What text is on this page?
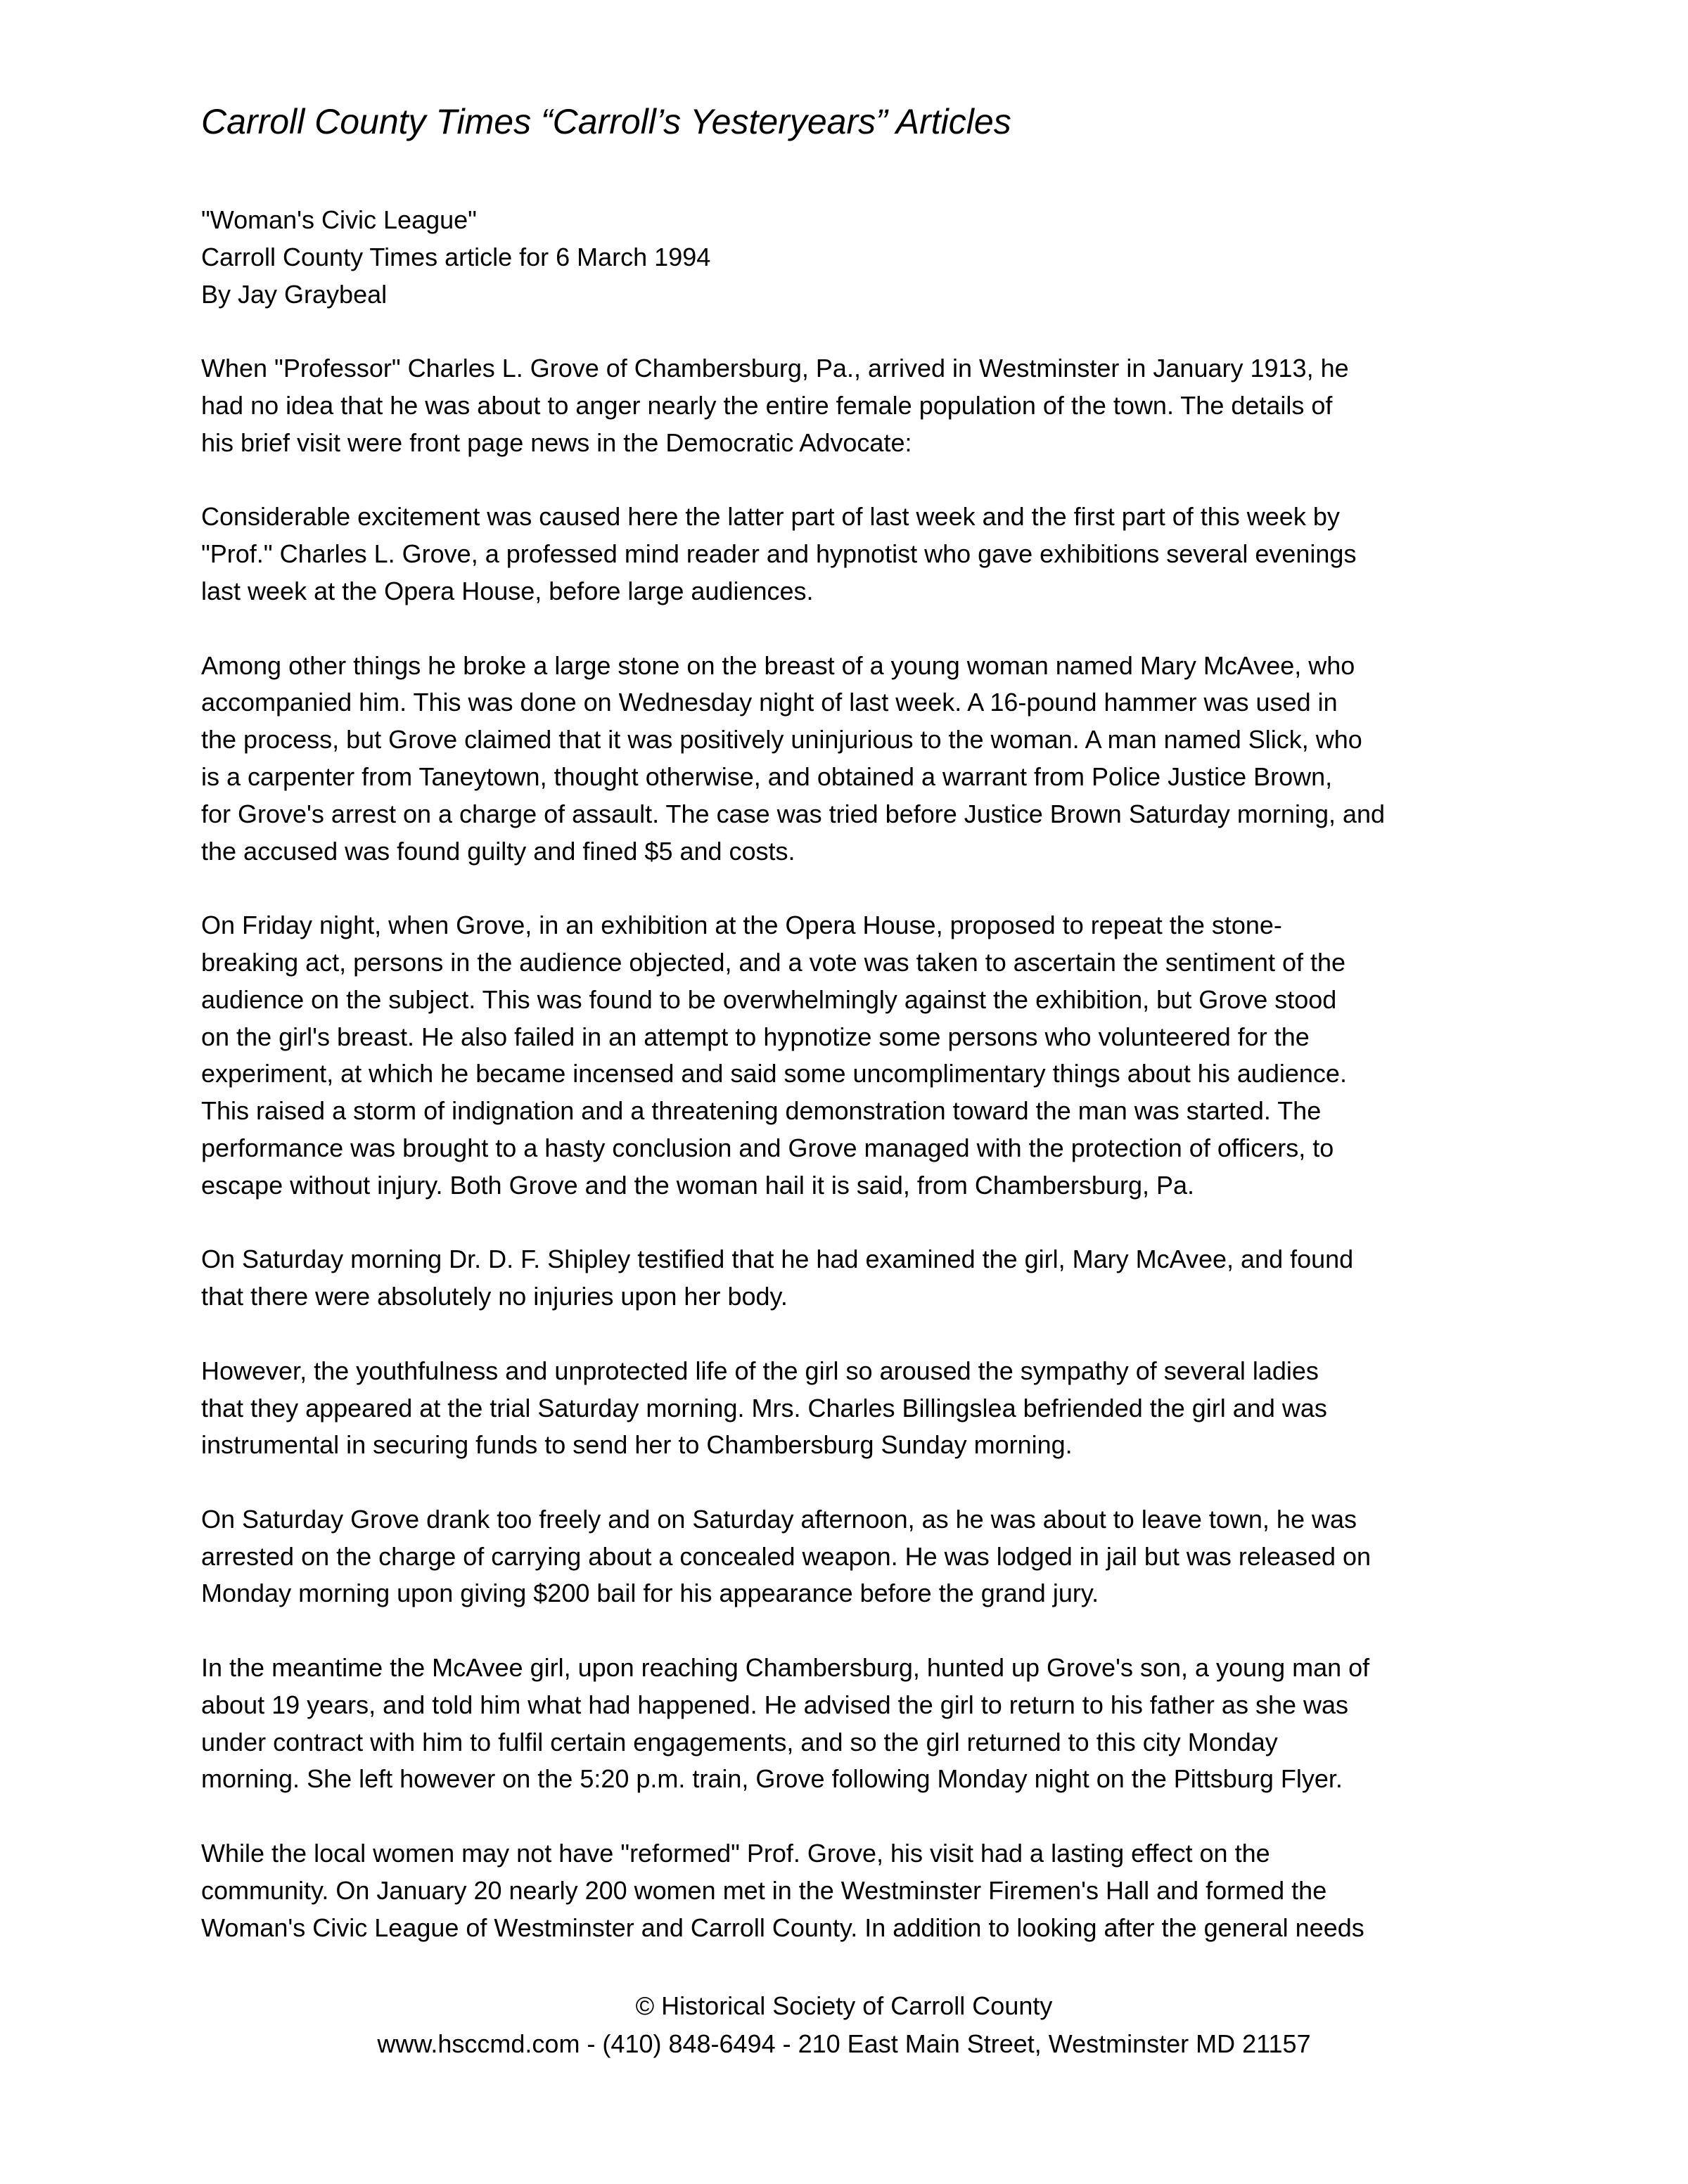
Carroll County Times “Carroll’s Yesteryears” Articles
"Woman's Civic League"
Carroll County Times article for 6 March 1994
By Jay Graybeal
When "Professor" Charles L. Grove of Chambersburg, Pa., arrived in Westminster in January 1913, he
had no idea that he was about to anger nearly the entire female population of the town. The details of
his brief visit were front page news in the Democratic Advocate:
Considerable excitement was caused here the latter part of last week and the first part of this week by
"Prof." Charles L. Grove, a professed mind reader and hypnotist who gave exhibitions several evenings
last week at the Opera House, before large audiences.
Among other things he broke a large stone on the breast of a young woman named Mary McAvee, who
accompanied him. This was done on Wednesday night of last week. A 16-pound hammer was used in
the process, but Grove claimed that it was positively uninjurious to the woman. A man named Slick, who
is a carpenter from Taneytown, thought otherwise, and obtained a warrant from Police Justice Brown,
for Grove's arrest on a charge of assault. The case was tried before Justice Brown Saturday morning, and
the accused was found guilty and fined $5 and costs.
On Friday night, when Grove, in an exhibition at the Opera House, proposed to repeat the stone-
breaking act, persons in the audience objected, and a vote was taken to ascertain the sentiment of the
audience on the subject. This was found to be overwhelmingly against the exhibition, but Grove stood
on the girl's breast. He also failed in an attempt to hypnotize some persons who volunteered for the
experiment, at which he became incensed and said some uncomplimentary things about his audience.
This raised a storm of indignation and a threatening demonstration toward the man was started. The
performance was brought to a hasty conclusion and Grove managed with the protection of officers, to
escape without injury. Both Grove and the woman hail it is said, from Chambersburg, Pa.
On Saturday morning Dr. D. F. Shipley testified that he had examined the girl, Mary McAvee, and found
that there were absolutely no injuries upon her body.
However, the youthfulness and unprotected life of the girl so aroused the sympathy of several ladies
that they appeared at the trial Saturday morning. Mrs. Charles Billingslea befriended the girl and was
instrumental in securing funds to send her to Chambersburg Sunday morning.
On Saturday Grove drank too freely and on Saturday afternoon, as he was about to leave town, he was
arrested on the charge of carrying about a concealed weapon. He was lodged in jail but was released on
Monday morning upon giving $200 bail for his appearance before the grand jury.
In the meantime the McAvee girl, upon reaching Chambersburg, hunted up Grove's son, a young man of
about 19 years, and told him what had happened. He advised the girl to return to his father as she was
under contract with him to fulfil certain engagements, and so the girl returned to this city Monday
morning. She left however on the 5:20 p.m. train, Grove following Monday night on the Pittsburg Flyer.
While the local women may not have "reformed" Prof. Grove, his visit had a lasting effect on the
community. On January 20 nearly 200 women met in the Westminster Firemen's Hall and formed the
Woman's Civic League of Westminster and Carroll County. In addition to looking after the general needs
© Historical Society of Carroll County
www.hsccmd.com - (410) 848-6494 - 210 East Main Street, Westminster MD 21157
